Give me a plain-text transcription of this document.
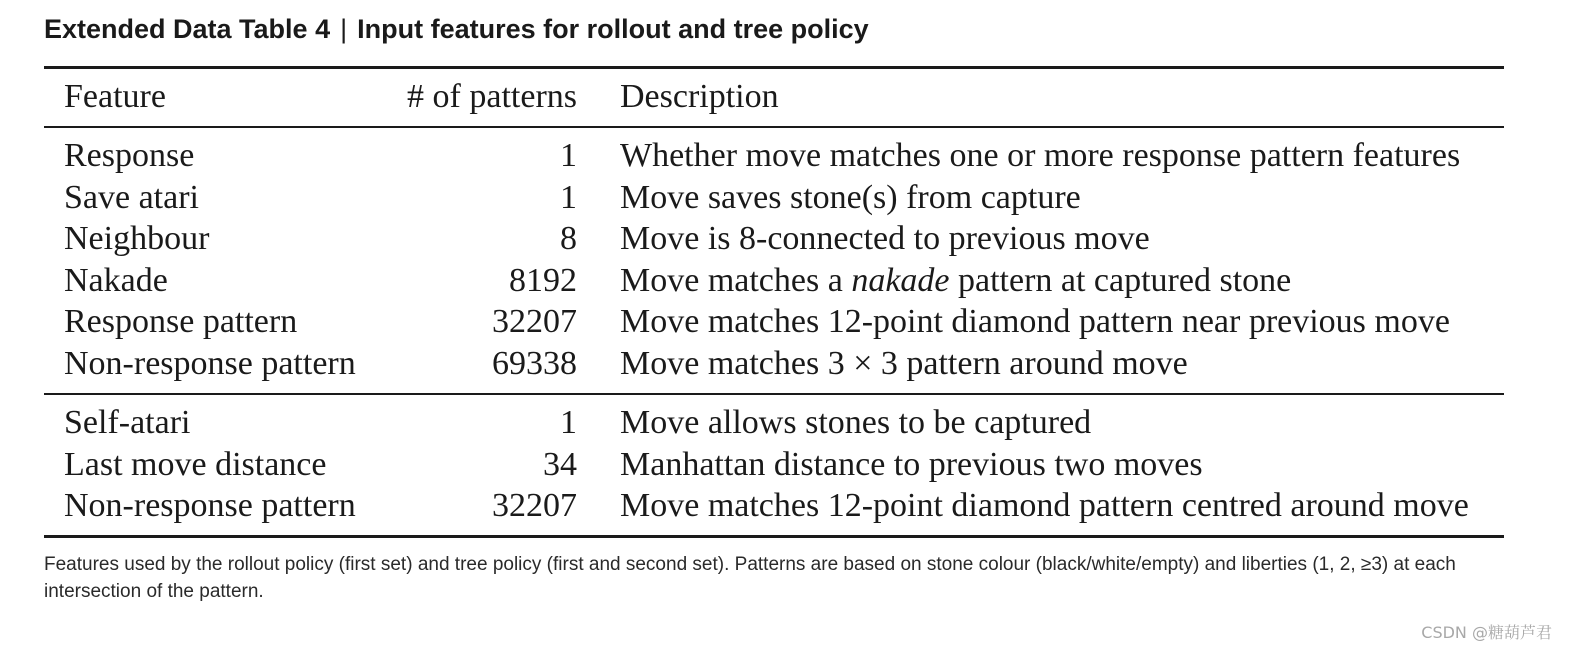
Extended Data Table 4 | Input features for rollout and tree policy
Feature	# of patterns Description
Response	1 Whether move matches one or more response pattern features
Save atari	1 Move saves stone(s) from capture
Neighbour	8 Move is 8-connected to previous move
Nakade	8192 Move matches a nakade pattern at captured stone
Response pattern	32207 Move matches 12-point diamond pattern near previous move
Non-response pattern	69338 Move matches 3 × 3 pattern around move
Self-atari	1 Move allows stones to be captured
Last move distance	34 Manhattan distance to previous two moves
Non-response pattern	32207 Move matches 12-point diamond pattern centred around move
Features used by the rollout policy (first set) and tree policy (first and second set). Patterns are based on stone colour (black/white/empty) and liberties (1, 2, ≥3) at each intersection of the pattern.
CSDN @糖葫芦君
